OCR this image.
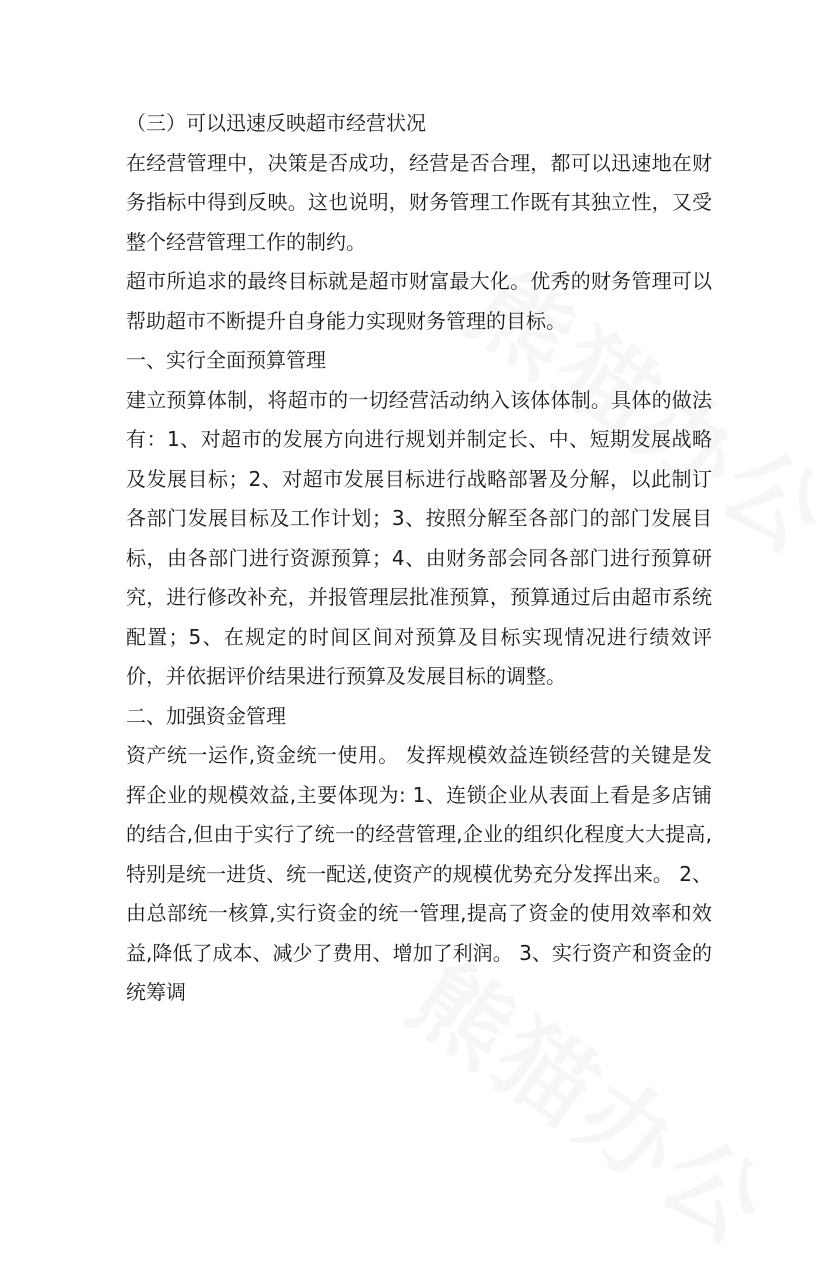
（三）可以迅速反映超市经营状况

在经营管理中，决策是否成功，经营是否合理，都可以迅速地在财务指标中得到反映。这也说明，财务管理工作既有其独立性，又受整个经营管理工作的制约。

超市所追求的最终目标就是超市财富最大化。优秀的财务管理可以帮助超市不断提升自身能力实现财务管理的目标。

一、实行全面预算管理

建立预算体制，将超市的一切经营活动纳入该体体制。具体的做法有：1、对超市的发展方向进行规划并制定长、中、短期发展战略及发展目标；2、对超市发展目标进行战略部署及分解，以此制订各部门发展目标及工作计划；3、按照分解至各部门的部门发展目标，由各部门进行资源预算；4、由财务部会同各部门进行预算研究，进行修改补充，并报管理层批准预算，预算通过后由超市系统配置；5、在规定的时间区间对预算及目标实现情况进行绩效评价，并依据评价结果进行预算及发展目标的调整。

二、加强资金管理

资产统一运作,资金统一使用。 发挥规模效益连锁经营的关键是发挥企业的规模效益,主要体现为: 1、连锁企业从表面上看是多店铺的结合,但由于实行了统一的经营管理,企业的组织化程度大大提高,特别是统一进货、统一配送,使资产的规模优势充分发挥出来。 2、由总部统一核算,实行资金的统一管理,提高了资金的使用效率和效益,降低了成本、减少了费用、增加了利润。 3、实行资产和资金的统筹调
